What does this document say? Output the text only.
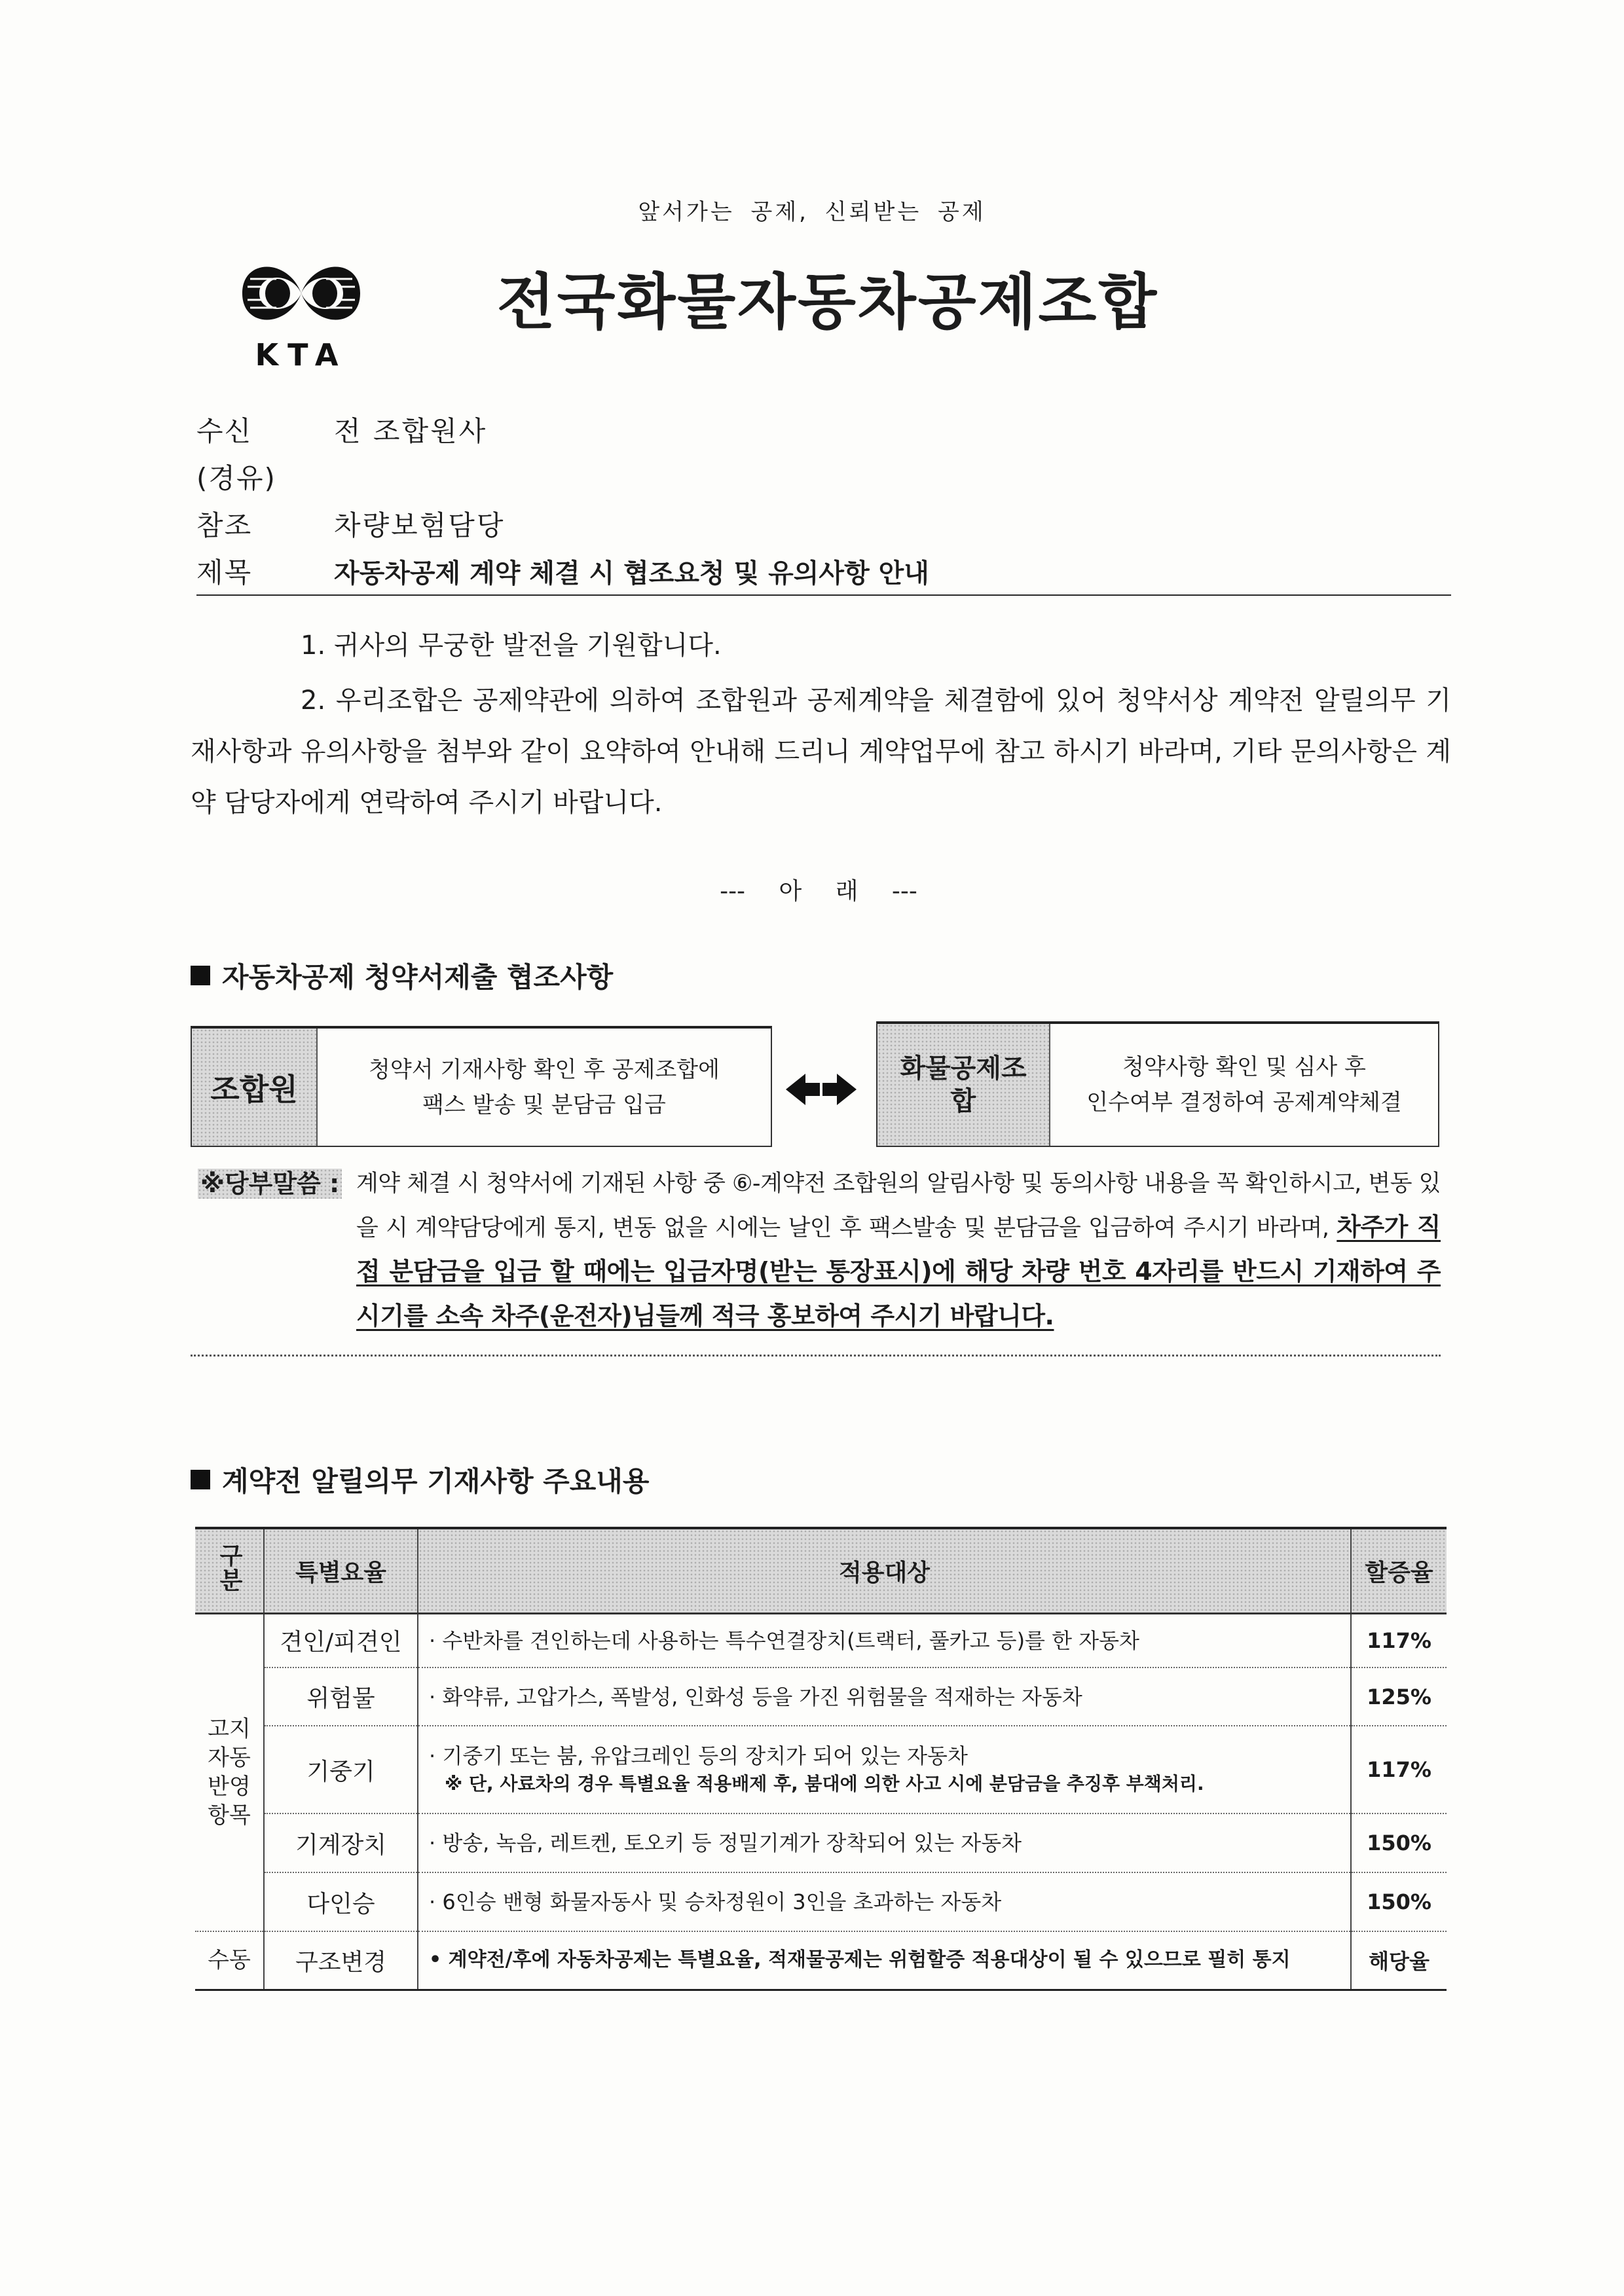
앞서가는 공제, 신뢰받는 공제
KTA
전국화물자동차공제조합
수신	전 조합원사
(경유)
참조	차량보험담당
제목	자동차공제 계약 체결 시 협조요청 및 유의사항 안내
1. 귀사의 무궁한 발전을 기원합니다.

2. 우리조합은 공제약관에 의하여 조합원과 공제계약을 체결함에 있어 청약서상 계약전 알릴의무 기재사항과 유의사항을 첨부와 같이 요약하여 안내해 드리니 계약업무에 참고 하시기 바라며, 기타 문의사항은 계약 담당자에게 연락하여 주시기 바랍니다.

--- 아 래 ---
자동차공제 청약서제출 협조사항
조합원
청약서 기재사항 확인 후 공제조합에
팩스 발송 및 분담금 입금
화물공제조
합
청약사항 확인 및 심사 후
인수여부 결정하여 공제계약체결
※당부말씀 : 계약 체결 시 청약서에 기재된 사항 중 ⑥-계약전 조합원의 알림사항 및 동의사항 내용을 꼭 확인하시고, 변동 있을 시 계약담당에게 통지, 변동 없을 시에는 날인 후 팩스발송 및 분담금을 입금하여 주시기 바라며, 차주가 직접 분담금을 입금 할 때에는 입금자명(받는 통장표시)에 해당 차량 번호 4자리를 반드시 기재하여 주시기를 소속 차주(운전자)님들께 적극 홍보하여 주시기 바랍니다.

계약전 알릴의무 기재사항 주요내용
구분	특별요율	적용대상	할증율
고지 자동 반영 항목	견인/피견인	· 수반차를 견인하는데 사용하는 특수연결장치(트랙터, 풀카고 등)를 한 자동차	117%
	위험물	· 화약류, 고압가스, 폭발성, 인화성 등을 가진 위험물을 적재하는 자동차	125%
	기중기	· 기중기 또는 붐, 유압크레인 등의 장치가 되어 있는 자동차
※ 단, 사료차의 경우 특별요율 적용배제 후, 붐대에 의한 사고 시에 분담금을 추징후 부책처리.	117%
	기계장치	· 방송, 녹음, 레트켄, 토오키 등 정밀기계가 장착되어 있는 자동차	150%
	다인승	· 6인승 밴형 화물자동사 및 승차정원이 3인을 초과하는 자동차	150%
수동	구조변경	• 계약전/후에 자동차공제는 특별요율, 적재물공제는 위험할증 적용대상이 될 수 있으므로 필히 통지	해당율
